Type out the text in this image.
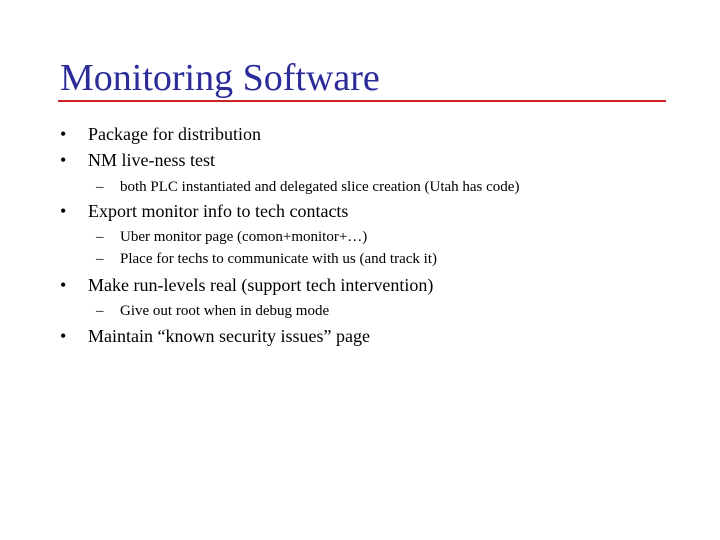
Monitoring Software
• Package for distribution
• NM live-ness test
– both PLC instantiated and delegated slice creation (Utah has code)
• Export monitor info to tech contacts
– Uber monitor page (comon+monitor+…)
– Place for techs to communicate with us (and track it)
• Make run-levels real (support tech intervention)
– Give out root when in debug mode
• Maintain “known security issues” page
